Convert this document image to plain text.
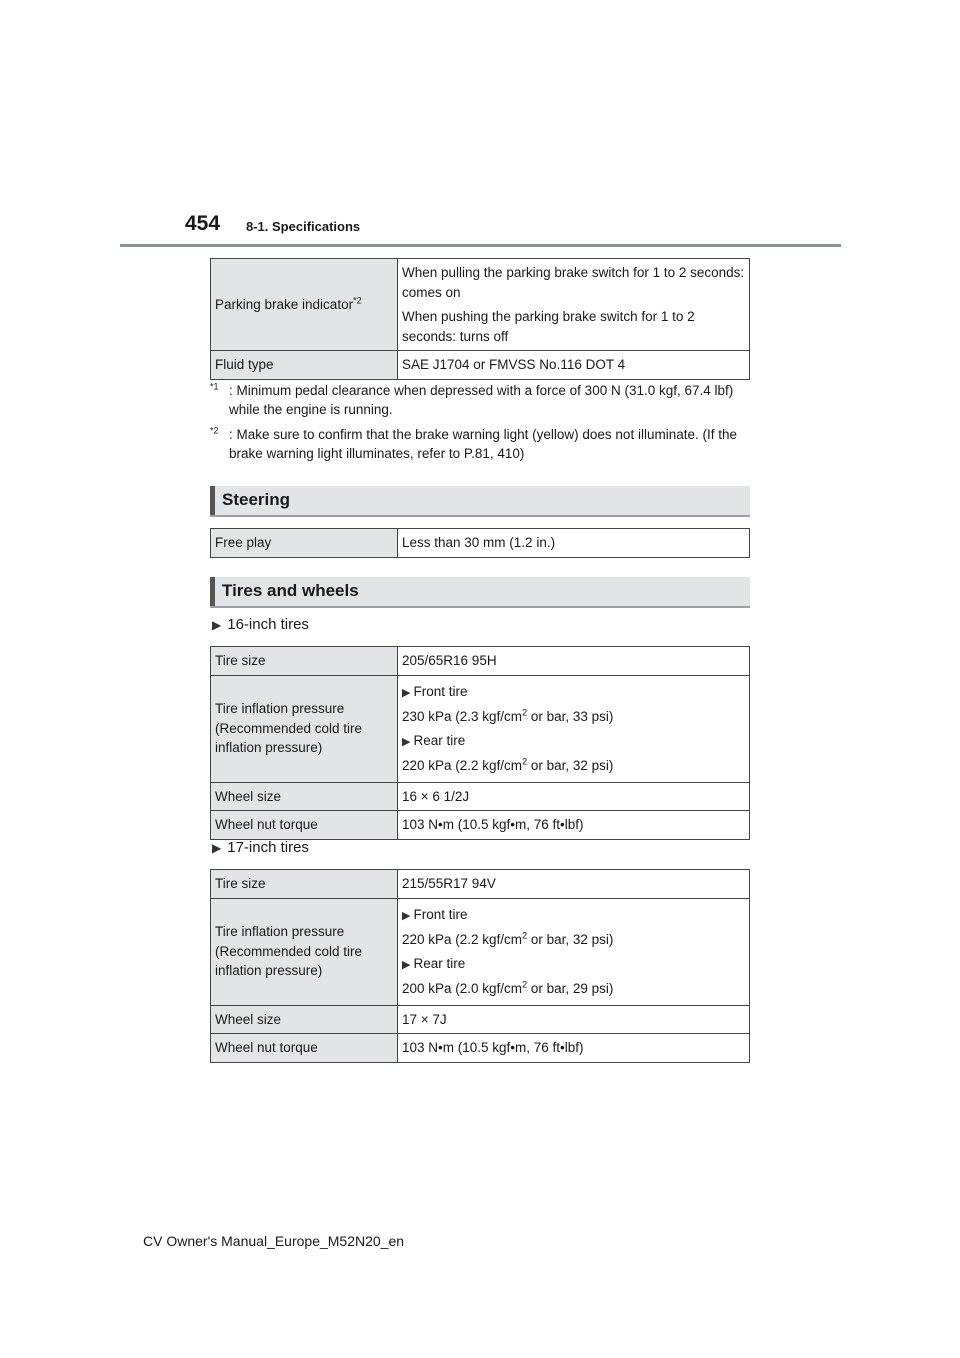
454 8-1. Specifications
Parking brake indicator$^{*2}$	When pulling the parking brake switch for 1 to 2 seconds: comes on

When pushing the parking brake switch for 1 to 2 seconds: turns off

Fluid type	SAE J1704 or FMVSS No.116 DOT 4
$^{*1}$ : Minimum pedal clearance when depressed with a force of 300 N (31.0 kgf, 67.4 lbf) while the engine is running.
$^{*2}$ : Make sure to confirm that the brake warning light (yellow) does not illuminate. (If the brake warning light illuminates, refer to P.81, 410)
Steering
Free play	Less than 30 mm (1.2 in.)
Tires and wheels
▶ 16-inch tires
Tire size	205/65R16 95H
Tire inflation pressure (Recommended cold tire inflation pressure)	▶ Front tire

230 kPa (2.3 kgf/$cm^2$ or bar, 33 psi)

▶ Rear tire

220 kPa (2.2 kgf/$cm^2$ or bar, 32 psi)

Wheel size	16 × 6 1/2J
Wheel nut torque	103 N•m (10.5 kgf•m, 76 ft•lbf)
▶ 17-inch tires
Tire size	215/55R17 94V
Tire inflation pressure (Recommended cold tire inflation pressure)	▶ Front tire

220 kPa (2.2 kgf/$cm^2$ or bar, 32 psi)

▶ Rear tire

200 kPa (2.0 kgf/$cm^2$ or bar, 29 psi)

Wheel size	17 × 7J
Wheel nut torque	103 N•m (10.5 kgf•m, 76 ft•lbf)
CV Owner's Manual_Europe_M52N20_en
